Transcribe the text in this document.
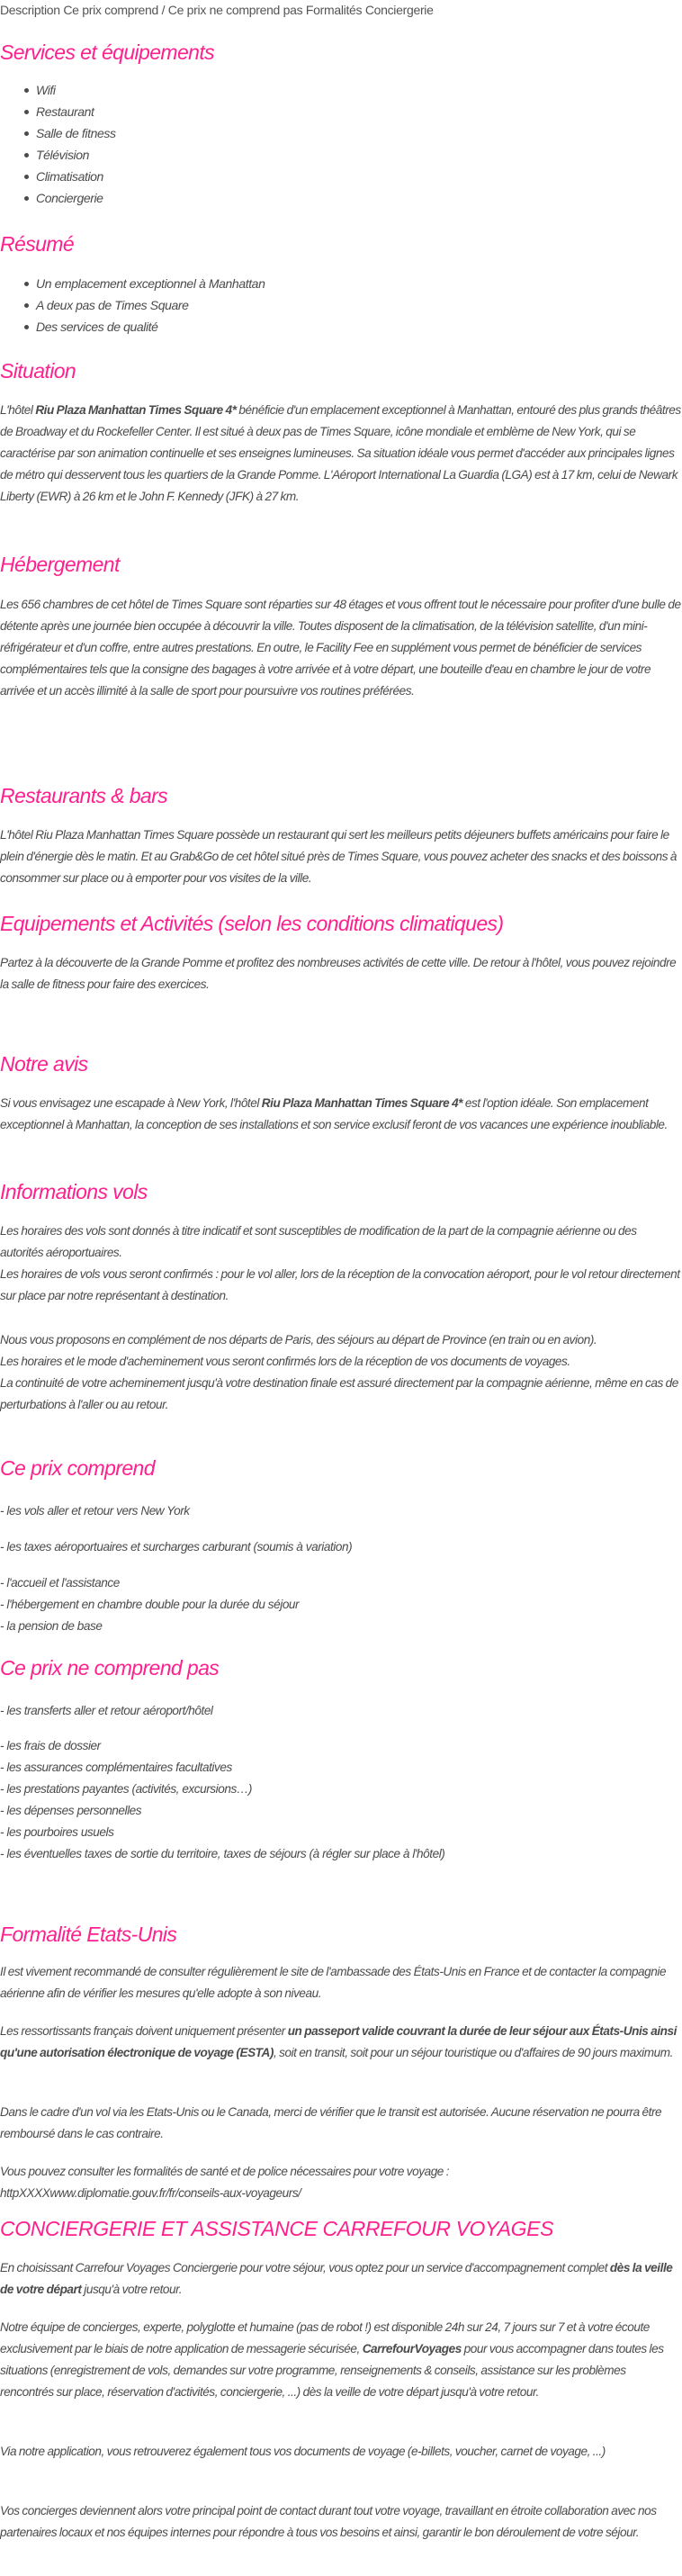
Description Ce prix comprend / Ce prix ne comprend pas Formalités Conciergerie
Services et équipements
Wifi
Restaurant
Salle de fitness
Télévision
Climatisation
Conciergerie
Résumé
Un emplacement exceptionnel à Manhattan
A deux pas de Times Square
Des services de qualité
Situation

L'hôtel Riu Plaza Manhattan Times Square 4* bénéficie d'un emplacement exceptionnel à Manhattan, entouré des plus grands théâtres de Broadway et du Rockefeller Center. Il est situé à deux pas de Times Square, icône mondiale et emblème de New York, qui se caractérise par son animation continuelle et ses enseignes lumineuses. Sa situation idéale vous permet d'accéder aux principales lignes de métro qui desservent tous les quartiers de la Grande Pomme. L'Aéroport International La Guardia (LGA) est à 17 km, celui de Newark Liberty (EWR) à 26 km et le John F. Kennedy (JFK) à 27 km.

Hébergement

Les 656 chambres de cet hôtel de Times Square sont réparties sur 48 étages et vous offrent tout le nécessaire pour profiter d'une bulle de détente après une journée bien occupée à découvrir la ville. Toutes disposent de la climatisation, de la télévision satellite, d'un mini-réfrigérateur et d'un coffre, entre autres prestations. En outre, le Facility Fee en supplément vous permet de bénéficier de services complémentaires tels que la consigne des bagages à votre arrivée et à votre départ, une bouteille d'eau en chambre le jour de votre arrivée et un accès illimité à la salle de sport pour poursuivre vos routines préférées.

Restaurants & bars

L'hôtel Riu Plaza Manhattan Times Square possède un restaurant qui sert les meilleurs petits déjeuners buffets américains pour faire le plein d'énergie dès le matin. Et au Grab&Go de cet hôtel situé près de Times Square, vous pouvez acheter des snacks et des boissons à consommer sur place ou à emporter pour vos visites de la ville.

Equipements et Activités (selon les conditions climatiques)

Partez à la découverte de la Grande Pomme et profitez des nombreuses activités de cette ville. De retour à l'hôtel, vous pouvez rejoindre la salle de fitness pour faire des exercices.

Notre avis

Si vous envisagez une escapade à New York, l'hôtel Riu Plaza Manhattan Times Square 4* est l'option idéale. Son emplacement exceptionnel à Manhattan, la conception de ses installations et son service exclusif feront de vos vacances une expérience inoubliable.

Informations vols

Les horaires des vols sont donnés à titre indicatif et sont susceptibles de modification de la part de la compagnie aérienne ou des autorités aéroportuaires.

Les horaires de vols vous seront confirmés : pour le vol aller, lors de la réception de la convocation aéroport, pour le vol retour directement sur place par notre représentant à destination.

Nous vous proposons en complément de nos départs de Paris, des séjours au départ de Province (en train ou en avion).

Les horaires et le mode d'acheminement vous seront confirmés lors de la réception de vos documents de voyages.

La continuité de votre acheminement jusqu'à votre destination finale est assuré directement par la compagnie aérienne, même en cas de perturbations à l'aller ou au retour.

Ce prix comprend
- les vols aller et retour vers New York
- les taxes aéroportuaires et surcharges carburant (soumis à variation)
- l'accueil et l'assistance
- l'hébergement en chambre double pour la durée du séjour
- la pension de base
Ce prix ne comprend pas
- les transferts aller et retour aéroport/hôtel
- les frais de dossier
- les assurances complémentaires facultatives
- les prestations payantes (activités, excursions…)
- les dépenses personnelles
- les pourboires usuels
- les éventuelles taxes de sortie du territoire, taxes de séjours (à régler sur place à l'hôtel)
Formalité Etats-Unis

Il est vivement recommandé de consulter régulièrement le site de l'ambassade des États-Unis en France et de contacter la compagnie aérienne afin de vérifier les mesures qu'elle adopte à son niveau.

Les ressortissants français doivent uniquement présenter un passeport valide couvrant la durée de leur séjour aux États-Unis ainsi qu'une autorisation électronique de voyage (ESTA), soit en transit, soit pour un séjour touristique ou d'affaires de 90 jours maximum.

Dans le cadre d'un vol via les Etats-Unis ou le Canada, merci de vérifier que le transit est autorisée. Aucune réservation ne pourra être remboursé dans le cas contraire.

Vous pouvez consulter les formalités de santé et de police nécessaires pour votre voyage :

httpXXXXwww.diplomatie.gouv.fr/fr/conseils-aux-voyageurs/

CONCIERGERIE ET ASSISTANCE CARREFOUR VOYAGES

En choisissant Carrefour Voyages Conciergerie pour votre séjour, vous optez pour un service d'accompagnement complet dès la veille de votre départ jusqu'à votre retour.

Notre équipe de concierges, experte, polyglotte et humaine (pas de robot !) est disponible 24h sur 24, 7 jours sur 7 et à votre écoute exclusivement par le biais de notre application de messagerie sécurisée, CarrefourVoyages pour vous accompagner dans toutes les situations (enregistrement de vols, demandes sur votre programme, renseignements & conseils, assistance sur les problèmes rencontrés sur place, réservation d'activités, conciergerie, ...) dès la veille de votre départ jusqu'à votre retour.

Via notre application, vous retrouverez également tous vos documents de voyage (e-billets, voucher, carnet de voyage, ...)

Vos concierges deviennent alors votre principal point de contact durant tout votre voyage, travaillant en étroite collaboration avec nos partenaires locaux et nos équipes internes pour répondre à tous vos besoins et ainsi, garantir le bon déroulement de votre séjour.
